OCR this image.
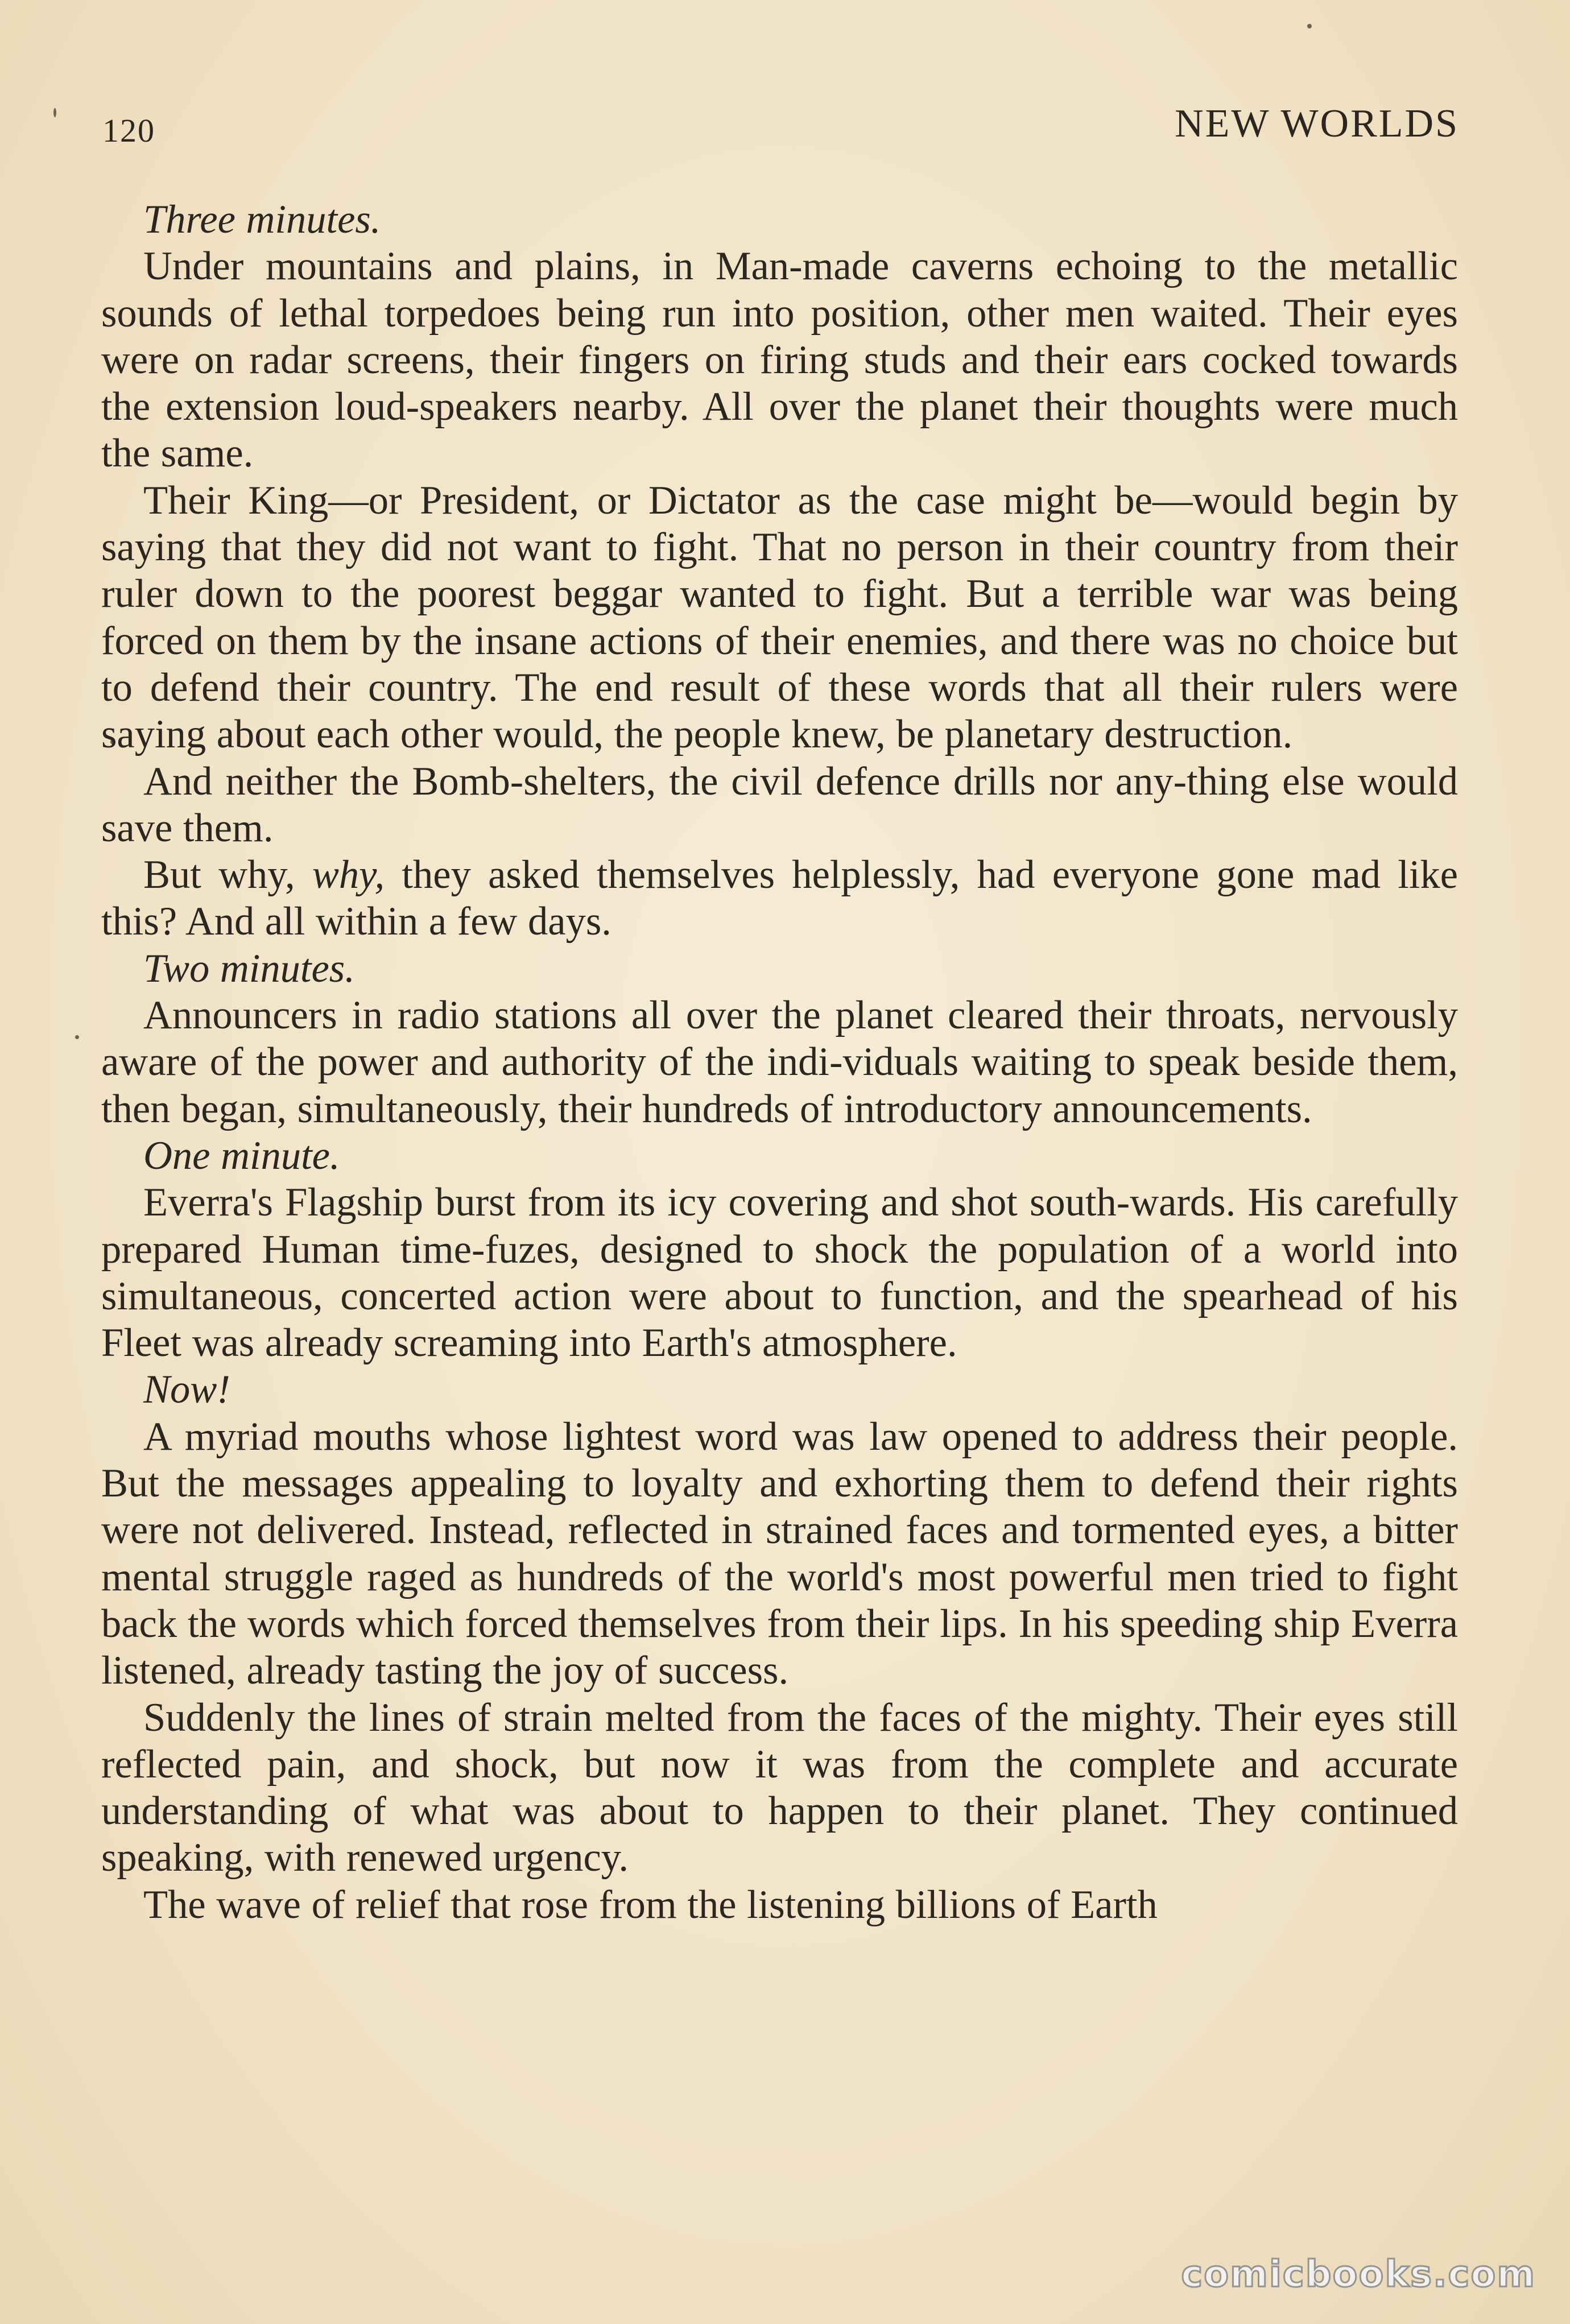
120	NEW WORLDS

Three minutes.

Under mountains and plains, in Man-made caverns echoing to the metallic sounds of lethal torpedoes being run into position, other men waited. Their eyes were on radar screens, their fingers on firing studs and their ears cocked towards the extension loud-speakers nearby. All over the planet their thoughts were much the same.

Their King—or President, or Dictator as the case might be—would begin by saying that they did not want to fight. That no person in their country from their ruler down to the poorest beggar wanted to fight. But a terrible war was being forced on them by the insane actions of their enemies, and there was no choice but to defend their country. The end result of these words that all their rulers were saying about each other would, the people knew, be planetary destruction.

And neither the Bomb-shelters, the civil defence drills nor any-thing else would save them.

But why, why, they asked themselves helplessly, had everyone gone mad like this? And all within a few days.

Two minutes.

Announcers in radio stations all over the planet cleared their throats, nervously aware of the power and authority of the indi-viduals waiting to speak beside them, then began, simultaneously, their hundreds of introductory announcements.

One minute.

Everra's Flagship burst from its icy covering and shot south-wards. His carefully prepared Human time-fuzes, designed to shock the population of a world into simultaneous, concerted action were about to function, and the spearhead of his Fleet was already screaming into Earth's atmosphere.

Now!

A myriad mouths whose lightest word was law opened to address their people. But the messages appealing to loyalty and exhorting them to defend their rights were not delivered. Instead, reflected in strained faces and tormented eyes, a bitter mental struggle raged as hundreds of the world's most powerful men tried to fight back the words which forced themselves from their lips. In his speeding ship Everra listened, already tasting the joy of success.

Suddenly the lines of strain melted from the faces of the mighty. Their eyes still reflected pain, and shock, but now it was from the complete and accurate understanding of what was about to happen to their planet. They continued speaking, with renewed urgency.

The wave of relief that rose from the listening billions of Earth

comicbooks.com
